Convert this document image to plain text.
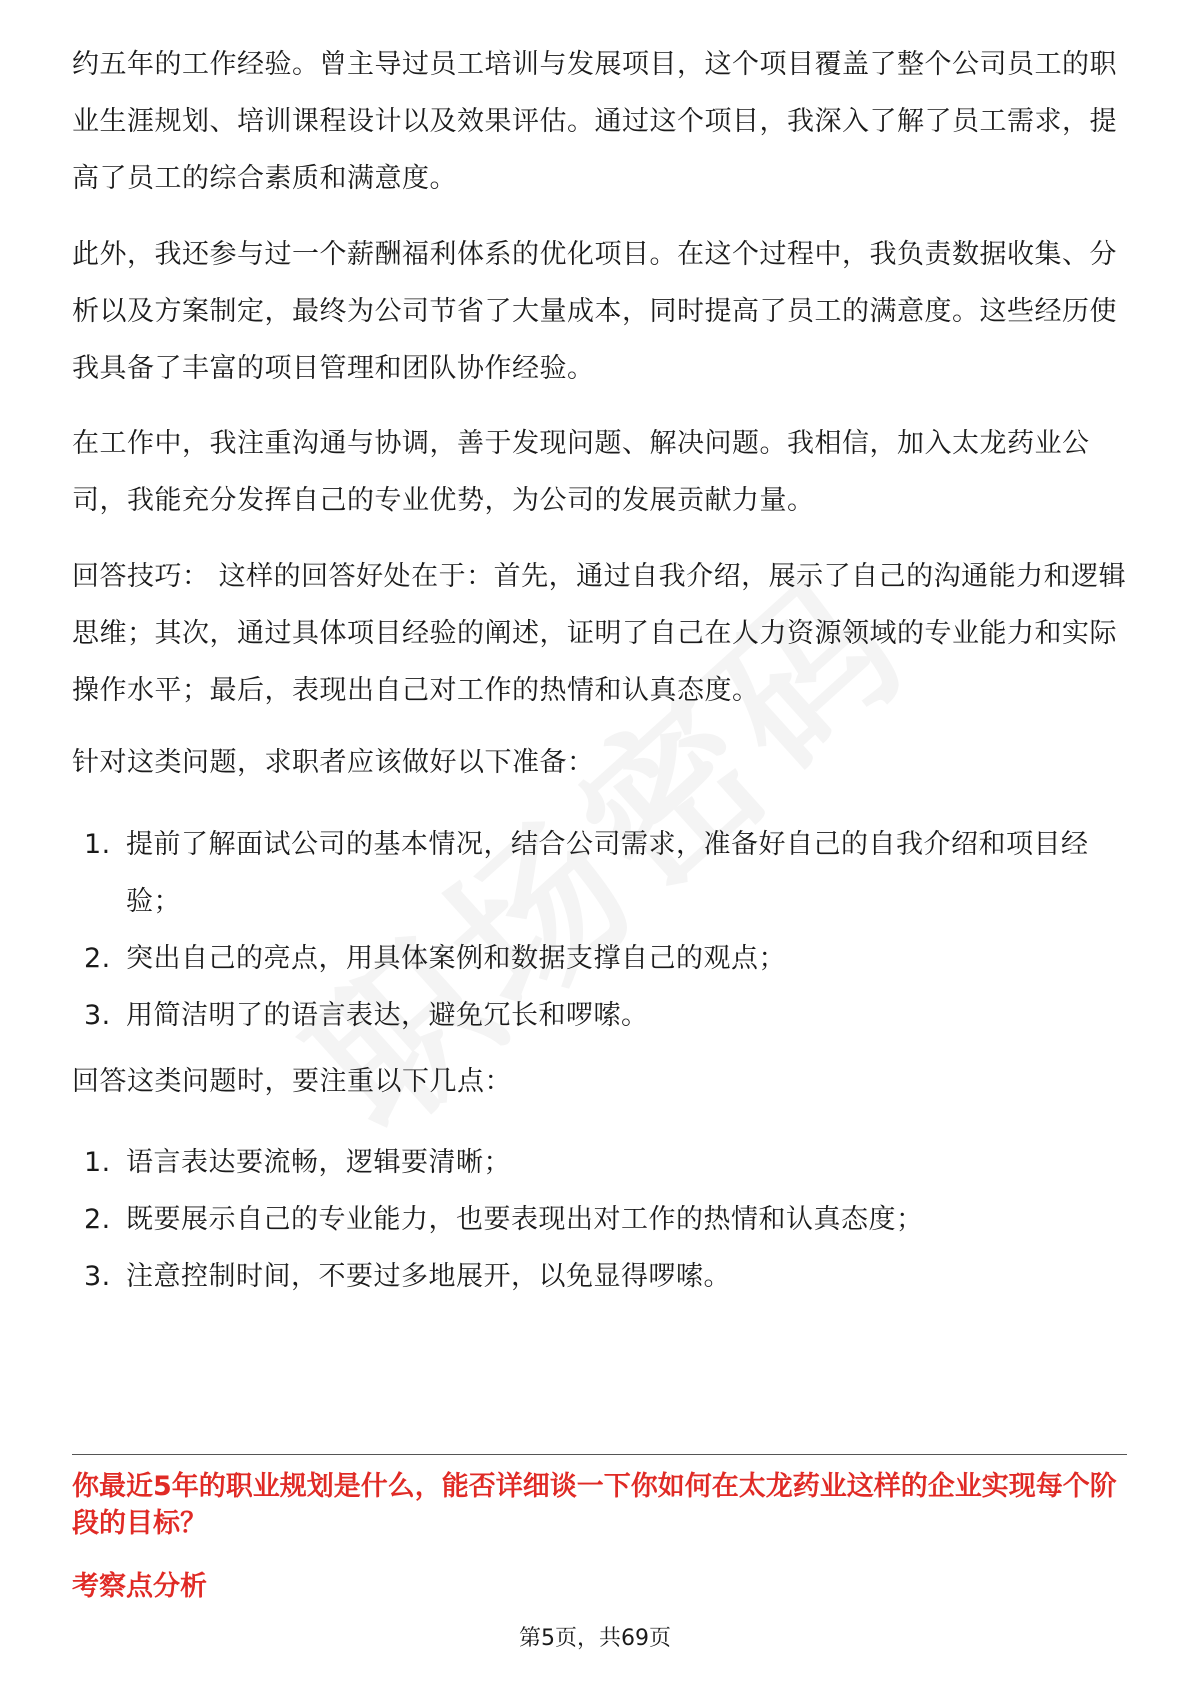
约五年的工作经验。曾主导过员工培训与发展项目，这个项目覆盖了整个公司员工的职业生涯规划、培训课程设计以及效果评估。通过这个项目，我深入了解了员工需求，提高了员工的综合素质和满意度。

此外，我还参与过一个薪酬福利体系的优化项目。在这个过程中，我负责数据收集、分析以及方案制定，最终为公司节省了大量成本，同时提高了员工的满意度。这些经历使我具备了丰富的项目管理和团队协作经验。

在工作中，我注重沟通与协调，善于发现问题、解决问题。我相信，加入太龙药业公司，我能充分发挥自己的专业优势，为公司的发展贡献力量。

回答技巧： 这样的回答好处在于：首先，通过自我介绍，展示了自己的沟通能力和逻辑思维；其次，通过具体项目经验的阐述，证明了自己在人力资源领域的专业能力和实际操作水平；最后，表现出自己对工作的热情和认真态度。

针对这类问题，求职者应该做好以下准备：

1. 提前了解面试公司的基本情况，结合公司需求，准备好自己的自我介绍和项目经验；
2. 突出自己的亮点，用具体案例和数据支撑自己的观点；
3. 用简洁明了的语言表达，避免冗长和啰嗦。

回答这类问题时，要注重以下几点：

1. 语言表达要流畅，逻辑要清晰；
2. 既要展示自己的专业能力，也要表现出对工作的热情和认真态度；
3. 注意控制时间，不要过多地展开，以免显得啰嗦。

你最近5年的职业规划是什么，能否详细谈一下你如何在太龙药业这样的企业实现每个阶段的目标？

考察点分析

第5页，共69页
